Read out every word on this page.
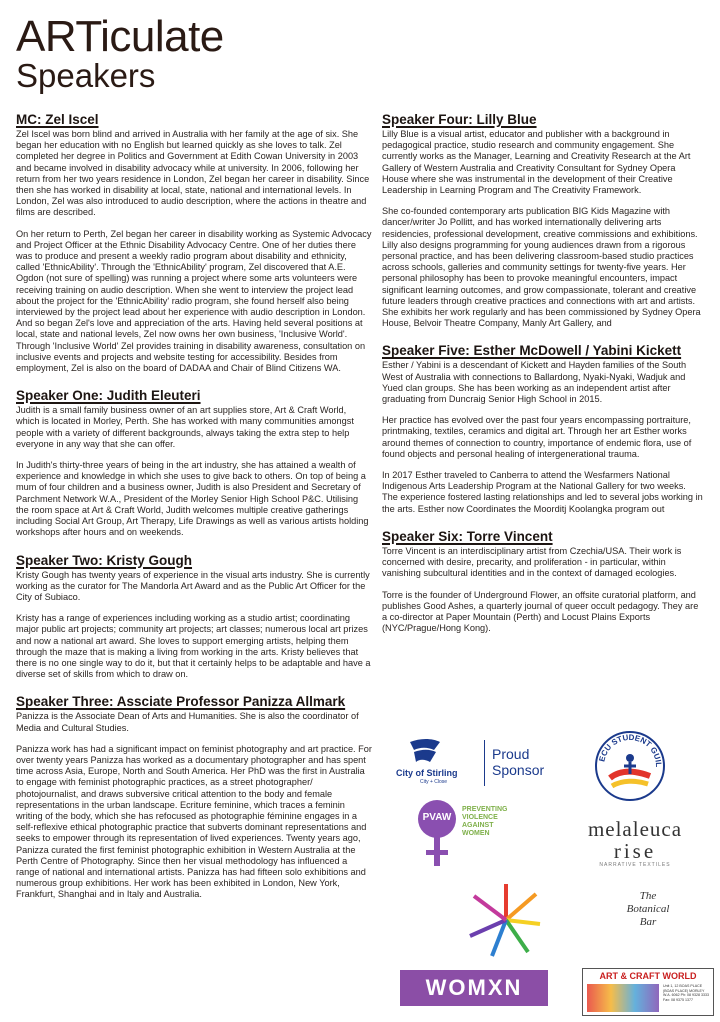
ARTiculate
Speakers
MC: Zel Iscel

Zel Iscel was born blind and arrived in Australia with her family at the age of six. She began her education with no English but learned quickly as she loves to talk. Zel completed her degree in Politics and Government at Edith Cowan University in 2003 and became involved in disability advocacy while at university. In 2006, following her return from her two years residence in London, Zel began her career in disability. Since then she has worked in disability at local, state, national and international levels. In London, Zel was also introduced to audio description, where the actions in theatre and films are described.

On her return to Perth, Zel began her career in disability working as Systemic Advocacy and Project Officer at the Ethnic Disability Advocacy Centre. One of her duties there was to produce and present a weekly radio program about disability and ethnicity, called 'EthnicAbility'. Through the 'EthnicAbility' program, Zel discovered that A.E. Ogdon (not sure of spelling) was running a project where some arts volunteers were receiving training on audio description. When she went to interview the project lead about the project for the 'EthnicAbility' radio program, she found herself also being interviewed by the project lead about her experience with audio description in London. And so began Zel's love and appreciation of the arts. Having held several positions at local, state and national levels, Zel now owns her own business, 'Inclusive World'. Through 'Inclusive World' Zel provides training in disability awareness, consultation on inclusive events and projects and website testing for accessibility. Besides from employment, Zel is also on the board of DADAA and Chair of Blind Citizens WA.

Speaker One: Judith Eleuteri

Judith is a small family business owner of an art supplies store, Art & Craft World, which is located in Morley, Perth. She has worked with many communities amongst people with a variety of different backgrounds, always taking the extra step to help everyone in any way that she can offer.

In Judith's thirty-three years of being in the art industry, she has attained a wealth of experience and knowledge in which she uses to give back to others. On top of being a mum of four children and a business owner, Judith is also President and Secretary of Parchment Network W.A., President of the Morley Senior High School P&C. Utilising the room space at Art & Craft World, Judith welcomes multiple creative gatherings including Social Art Group, Art Therapy, Life Drawings as well as various artists holding workshops after hours and on weekends.

Speaker Two: Kristy Gough

Kristy Gough has twenty years of experience in the visual arts industry. She is currently working as the curator for The Mandorla Art Award and as the Public Art Officer for the City of Subiaco.

Kristy has a range of experiences including working as a studio artist; coordinating major public art projects; community art projects; art classes; numerous local art prizes and now a national art award. She loves to support emerging artists, helping them through the maze that is making a living from working in the arts. Kristy believes that there is no one single way to do it, but that it certainly helps to be adaptable and have a diverse set of skills from which to draw on.

Speaker Three: Assciate Professor Panizza Allmark

Panizza is the Associate Dean of Arts and Humanities. She is also the coordinator of Media and Cultural Studies.

Panizza work has had a significant impact on feminist photography and art practice. For over twenty years Panizza has worked as a documentary photographer and has spent time across Asia, Europe, North and South America. Her PhD was the first in Australia to engage with feminist photographic practices, as a street photographer/ photojournalist, and draws subversive critical attention to the body and female representations in the urban landscape. Ecriture feminine, which traces a feminin writing of the body, which she has refocused as photographie féminine engages in a self-reflexive ethical photographic practice that subverts dominant representations and seeks to empower through its representation of lived experiences. Twenty years ago, Panizza curated the first feminist photographic exhibition in Western Australia at the Perth Centre of Photography. Since then her visual methodology has influenced a range of national and international artists. Panizza has had fifteen solo exhibitions and numerous group exhibitions. Her work has been exhibited in London, New York, Frankfurt, Shanghai and in Italy and Australia.

Speaker Four: Lilly Blue

Lilly Blue is a visual artist, educator and publisher with a background in pedagogical practice, studio research and community engagement. She currently works as the Manager, Learning and Creativity Research at the Art Gallery of Western Australia and Creativity Consultant for Sydney Opera House where she was instrumental in the development of their Creative Leadership in Learning Program and The Creativity Framework.

She co-founded contemporary arts publication BIG Kids Magazine with dancer/writer Jo Pollitt, and has worked internationally delivering arts residencies, professional development, creative commissions and exhibitions. Lilly also designs programming for young audiences drawn from a rigorous personal practice, and has been delivering classroom-based studio practices across schools, galleries and community settings for twenty-five years. Her personal philosophy has been to provoke meaningful encounters, impact significant learning outcomes, and grow compassionate, tolerant and creative future leaders through creative practices and connections with art and artists. She exhibits her work regularly and has been commissioned by Sydney Opera House, Belvoir Theatre Company, Manly Art Gallery, and

Speaker Five: Esther McDowell / Yabini Kickett

Esther / Yabini is a descendant of Kickett and Hayden families of the South West of Australia with connections to Ballardong, Nyaki-Nyaki, Wadjuk and Yued clan groups. She has been working as an independent artist after graduating from Duncraig Senior High School in 2015.

Her practice has evolved over the past four years encompassing portraiture, printmaking, textiles, ceramics and digital art. Through her art Esther works around themes of connection to country, importance of endemic flora, use of found objects and personal healing of intergenerational trauma.

In 2017 Esther traveled to Canberra to attend the Wesfarmers National Indigenous Arts Leadership Program at the National Gallery for two weeks. The experience fostered lasting relationships and led to several jobs working in the arts. Esther now Coordinates the Moorditj Koolangka program out

Speaker Six: Torre Vincent

Torre Vincent is an interdisciplinary artist from Czechia/USA. Their work is concerned with desire, precarity, and proliferation - in particular, within vanishing subcultural identities and in the context of damaged ecologies.

Torre is the founder of Underground Flower, an offsite curatorial platform, and publishes Good Ashes, a quarterly journal of queer occult pedagogy. They are a co-director at Paper Mountain (Perth) and Locust Plains Exports (NYC/Prague/Hong Kong).

City of Stirling
City + Close
Proud
Sponsor
ECU STUDENT GUIL
PVAW
PREVENTING
VIOLENCE
AGAINST
WOMEN	melaleuca
rise
NARRATIVE TEXTILES
The
Botanical
Bar
WOMXN	ART & CRAFT WORLD
Unit 1, 12 BOAS PLACE (BOAS PLACE) MORLEY W.A. 6062 Ph: 08 9328 3333 Fax: 08 9375 1377
